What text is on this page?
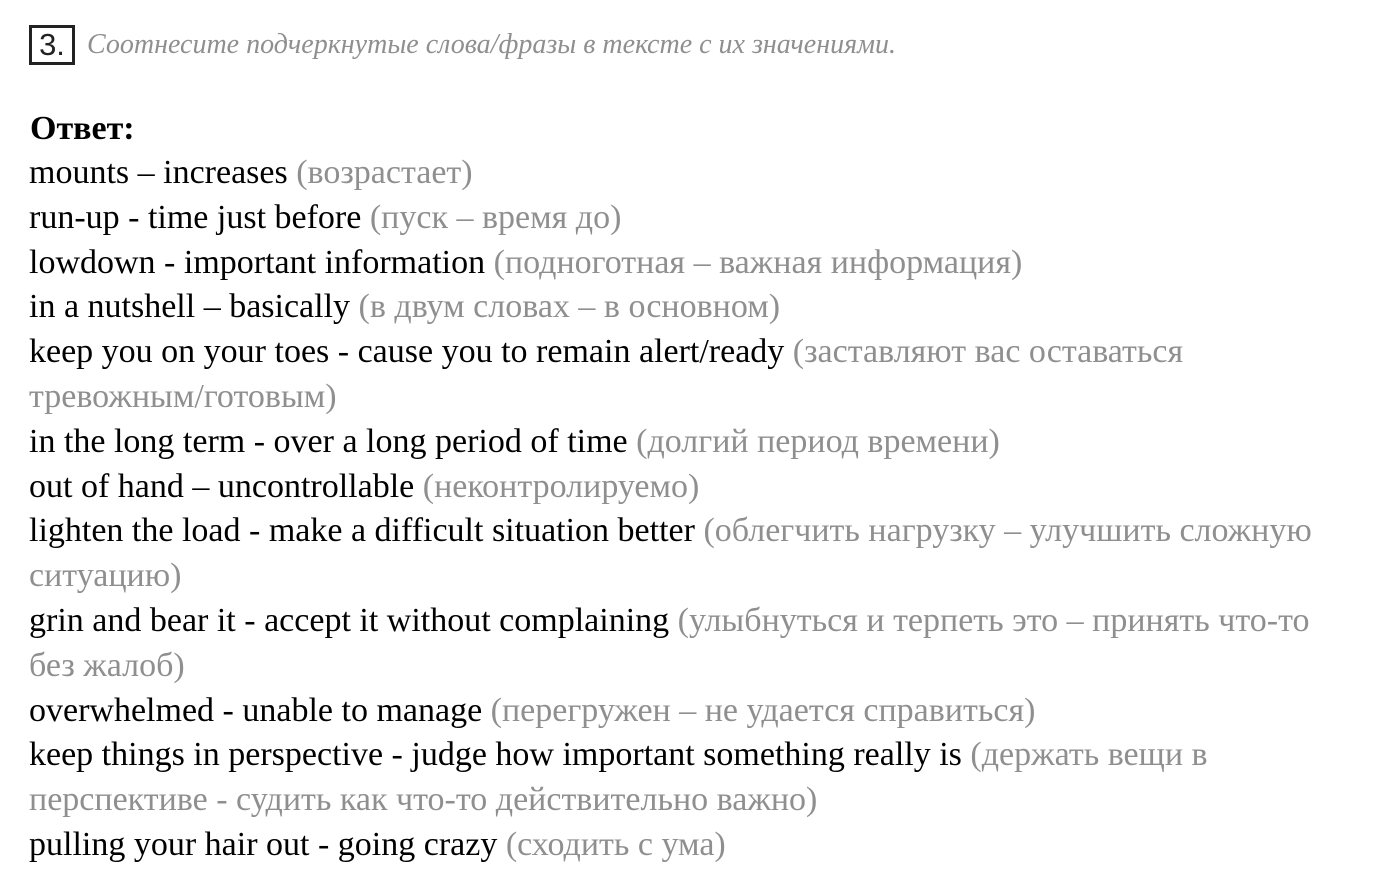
3. Соотнесите подчеркнутые слова/фразы в тексте с их значениями.
Ответ:

mounts – increases (возрастает)

run-up - time just before (пуск – время до)

lowdown - important information (подноготная – важная информация)

in a nutshell – basically (в двум словах – в основном)

keep you on your toes - cause you to remain alert/ready (заставляют вас оставаться тревожным/готовым)

in the long term - over a long period of time (долгий период времени)

out of hand – uncontrollable (неконтролируемо)

lighten the load - make a difficult situation better (облегчить нагрузку – улучшить сложную ситуацию)

grin and bear it - accept it without complaining (улыбнуться и терпеть это – принять что-то без жалоб)

overwhelmed - unable to manage (перегружен – не удается справиться)

keep things in perspective - judge how important something really is (держать вещи в перспективе - судить как что-то действительно важно)

pulling your hair out - going crazy (сходить с ума)
